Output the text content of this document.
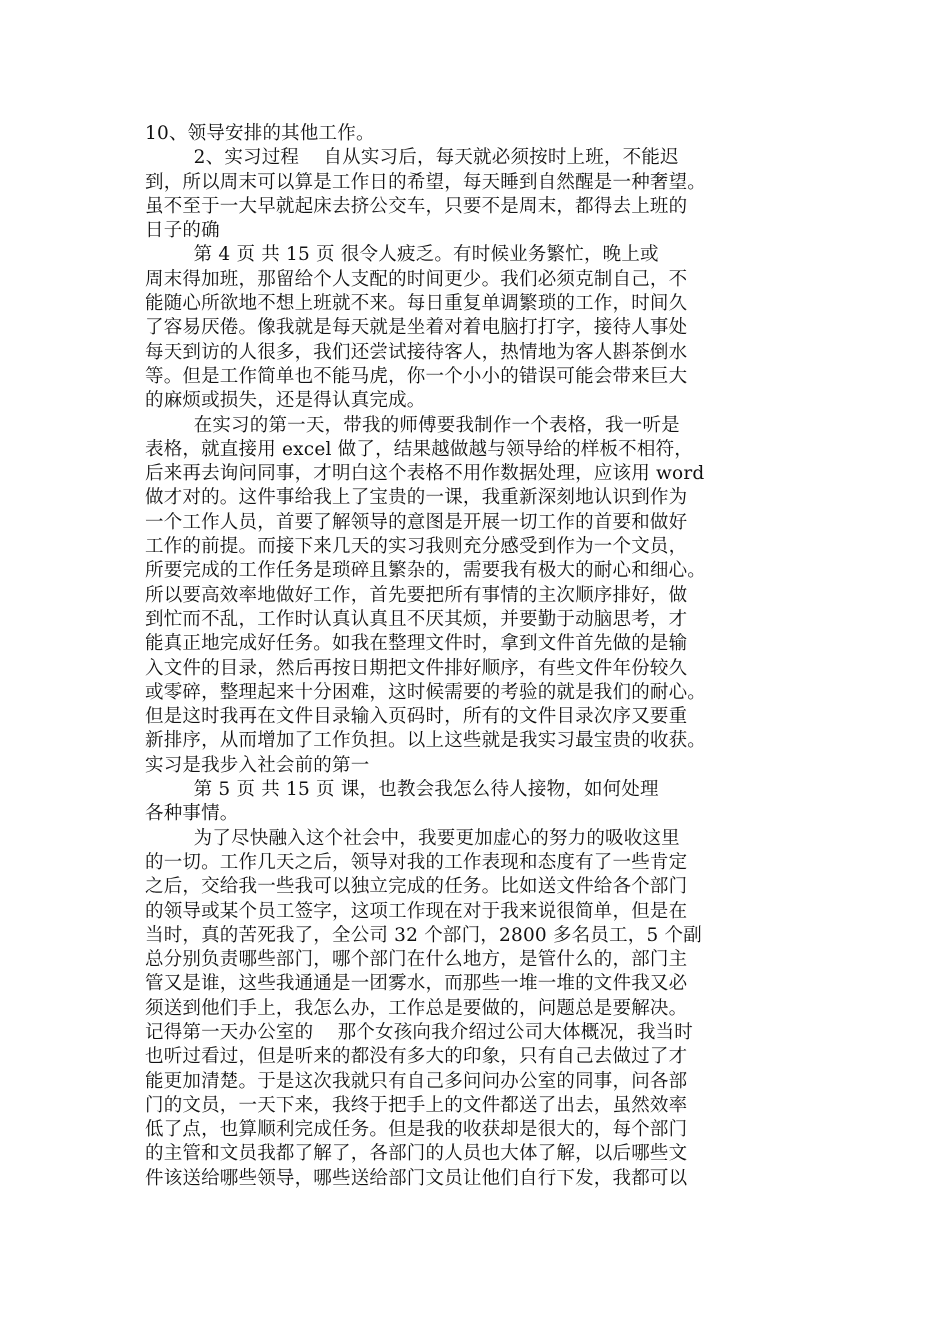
10、领导安排的其他工作。
2、实习过程    自从实习后，每天就必须按时上班，不能迟
到，所以周末可以算是工作日的希望，每天睡到自然醒是一种奢望。
虽不至于一大早就起床去挤公交车，只要不是周末，都得去上班的
日子的确
第 4 页 共 15 页 很令人疲乏。有时候业务繁忙，晚上或
周末得加班，那留给个人支配的时间更少。我们必须克制自己，不
能随心所欲地不想上班就不来。每日重复单调繁琐的工作，时间久
了容易厌倦。像我就是每天就是坐着对着电脑打打字，接待人事处
每天到访的人很多，我们还尝试接待客人，热情地为客人斟茶倒水
等。但是工作简单也不能马虎，你一个小小的错误可能会带来巨大
的麻烦或损失，还是得认真完成。
在实习的第一天，带我的师傅要我制作一个表格，我一听是
表格，就直接用 excel 做了，结果越做越与领导给的样板不相符，
后来再去询问同事，才明白这个表格不用作数据处理，应该用 word
做才对的。这件事给我上了宝贵的一课，我重新深刻地认识到作为
一个工作人员，首要了解领导的意图是开展一切工作的首要和做好
工作的前提。而接下来几天的实习我则充分感受到作为一个文员，
所要完成的工作任务是琐碎且繁杂的，需要我有极大的耐心和细心。
所以要高效率地做好工作，首先要把所有事情的主次顺序排好，做
到忙而不乱，工作时认真认真且不厌其烦，并要勤于动脑思考，才
能真正地完成好任务。如我在整理文件时，拿到文件首先做的是输
入文件的目录，然后再按日期把文件排好顺序，有些文件年份较久
或零碎，整理起来十分困难，这时候需要的考验的就是我们的耐心。
但是这时我再在文件目录输入页码时，所有的文件目录次序又要重
新排序，从而增加了工作负担。以上这些就是我实习最宝贵的收获。
实习是我步入社会前的第一
第 5 页 共 15 页 课，也教会我怎么待人接物，如何处理
各种事情。
为了尽快融入这个社会中，我要更加虚心的努力的吸收这里
的一切。工作几天之后，领导对我的工作表现和态度有了一些肯定
之后，交给我一些我可以独立完成的任务。比如送文件给各个部门
的领导或某个员工签字，这项工作现在对于我来说很简单，但是在
当时，真的苦死我了，全公司 32 个部门，2800 多名员工，5 个副
总分别负责哪些部门，哪个部门在什么地方，是管什么的，部门主
管又是谁，这些我通通是一团雾水，而那些一堆一堆的文件我又必
须送到他们手上，我怎么办，工作总是要做的，问题总是要解决。
记得第一天办公室的    那个女孩向我介绍过公司大体概况，我当时
也听过看过，但是听来的都没有多大的印象，只有自己去做过了才
能更加清楚。于是这次我就只有自己多问问办公室的同事，问各部
门的文员，一天下来，我终于把手上的文件都送了出去，虽然效率
低了点，也算顺利完成任务。但是我的收获却是很大的，每个部门
的主管和文员我都了解了，各部门的人员也大体了解，以后哪些文
件该送给哪些领导，哪些送给部门文员让他们自行下发，我都可以
